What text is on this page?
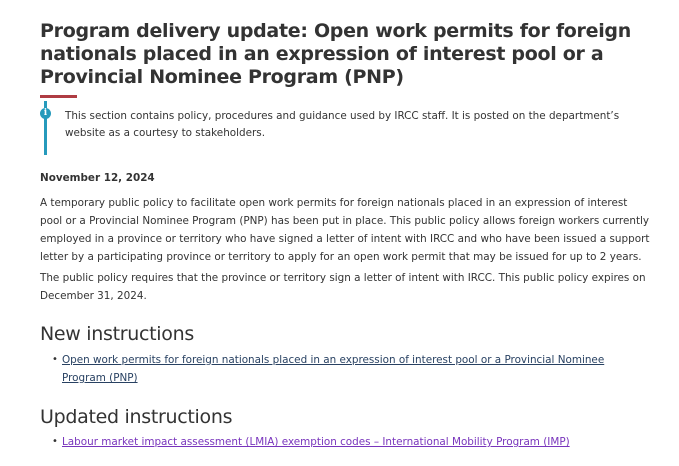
Program delivery update: Open work permits for foreign nationals placed in an expression of interest pool or a Provincial Nominee Program (PNP)
i	This section contains policy, procedures and guidance used by IRCC staff. It is posted on the department’s website as a courtesy to stakeholders.
November 12, 2024

A temporary public policy to facilitate open work permits for foreign nationals placed in an expression of interest pool or a Provincial Nominee Program (PNP) has been put in place. This public policy allows foreign workers currently employed in a province or territory who have signed a letter of intent with IRCC and who have been issued a support letter by a participating province or territory to apply for an open work permit that may be issued for up to 2 years.

The public policy requires that the province or territory sign a letter of intent with IRCC. This public policy expires on December 31, 2024.

New instructions
• Open work permits for foreign nationals placed in an expression of interest pool or a Provincial Nominee Program (PNP)
Updated instructions
• Labour market impact assessment (LMIA) exemption codes – International Mobility Program (IMP)
